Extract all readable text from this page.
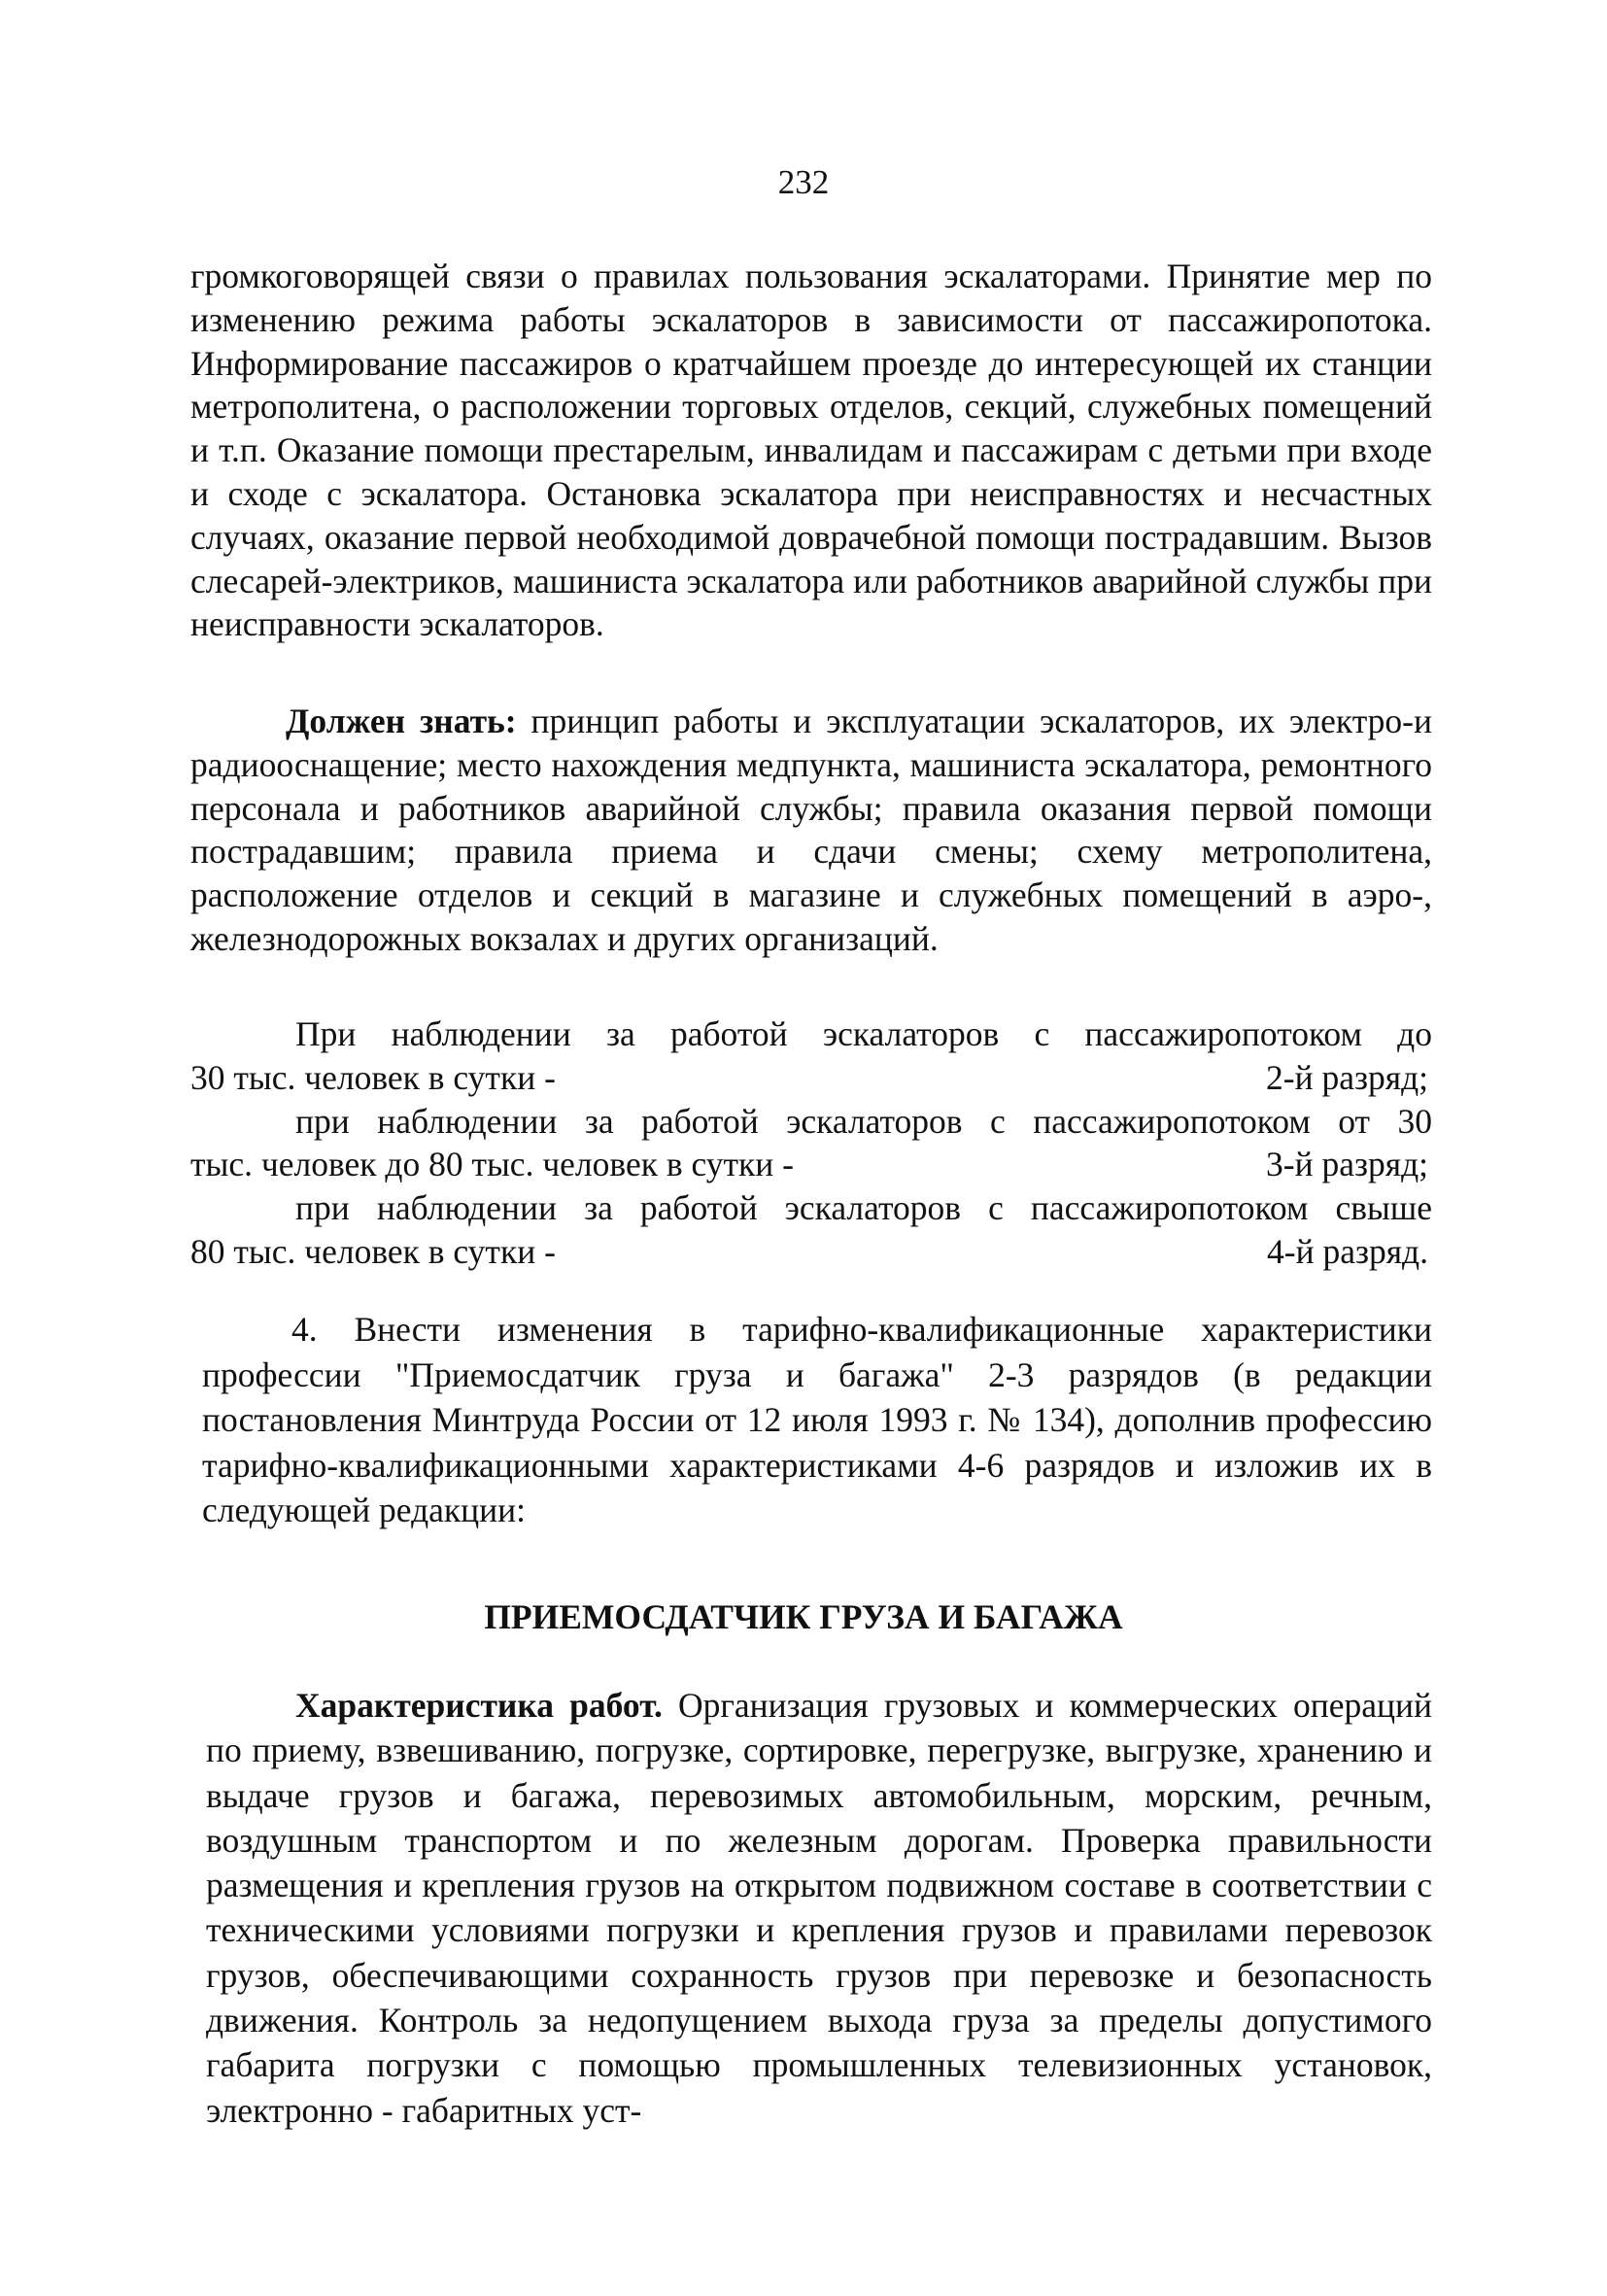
232

громкоговорящей связи о правилах пользования эскалаторами. Принятие мер по изменению режима работы эскалаторов в зависимости от пассажиропотока. Информирование пассажиров о кратчайшем проезде до интересующей их станции метрополитена, о расположении торговых отделов, секций, служебных помещений и т.п. Оказание помощи престарелым, инвалидам и пассажирам с детьми при входе и сходе с эскалатора. Остановка эскалатора при неисправностях и несчастных случаях, оказание первой необходимой доврачебной помощи пострадавшим. Вызов слесарей-электриков, машиниста эскалатора или работников аварийной службы при неисправности эскалаторов.

Должен знать: принцип работы и эксплуатации эскалаторов, их электро-и радиооснащение; место нахождения медпункта, машиниста эскалатора, ремонтного персонала и работников аварийной службы; правила оказания первой помощи пострадавшим; правила приема и сдачи смены; схему метрополитена, расположение отделов и секций в магазине и служебных помещений в аэро-, железнодорожных вокзалах и других организаций.

При наблюдении за работой эскалаторов с пассажиропотоком до
30 тыс. человек в сутки -	2-й разряд;
при наблюдении за работой эскалаторов с пассажиропотоком от 30
тыс. человек до 80 тыс. человек в сутки -	3-й разряд;
при наблюдении за работой эскалаторов с пассажиропотоком свыше
80 тыс. человек в сутки -	4-й разряд.

4. Внести изменения в тарифно-квалификационные характеристики профессии "Приемосдатчик груза и багажа" 2-3 разрядов (в редакции постановления Минтруда России от 12 июля 1993 г. № 134), дополнив профессию тарифно-квалификационными характеристиками 4-6 разрядов и изложив их в следующей редакции:

ПРИЕМОСДАТЧИК ГРУЗА И БАГАЖА

Характеристика работ. Организация грузовых и коммерческих операций по приему, взвешиванию, погрузке, сортировке, перегрузке, выгрузке, хранению и выдаче грузов и багажа, перевозимых автомобильным, морским, речным, воздушным транспортом и по железным дорогам. Проверка правильности размещения и крепления грузов на открытом подвижном составе в соответствии с техническими условиями погрузки и крепления грузов и правилами перевозок грузов, обеспечивающими сохранность грузов при перевозке и безопасность движения. Контроль за недопущением выхода груза за пределы допустимого габарита погрузки с помощью промышленных телевизионных установок, электронно - габаритных уст-
